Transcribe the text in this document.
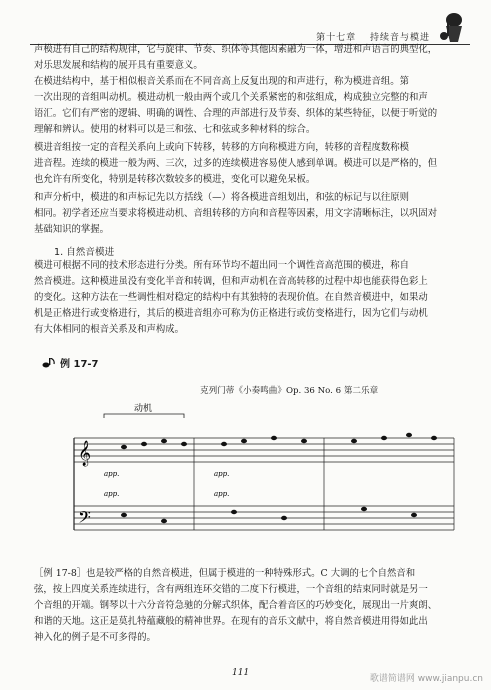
第十七章 　持续音与模进

声模进有自己的结构规律，它与旋律、节奏、织体等其他因素融为一体，增进和声语言的典型化，
对乐思发展和结构的展开具有重要意义。

在模进结构中，基于相似根音关系而在不同音高上反复出现的和声进行，称为模进音组。第
一次出现的音组叫动机。模进动机一般由两个或几个关系紧密的和弦组成，构成独立完整的和声
语汇。它们有严密的逻辑、明确的调性、合理的声部进行及节奏、织体的某些特征，以便于听觉的
理解和辨认。使用的材料可以是三和弦、七和弦或多种材料的综合。

模进音组按一定的音程关系向上或向下转移，转移的方向称模进方向，转移的音程度数称模
进音程。连续的模进一般为两、三次，过多的连续模进容易使人感到单调。模进可以是严格的，但
也允许有所变化，特别是转移次数较多的模进，变化可以避免呆板。

和声分析中，模进的和声标记先以方括线（—）将各模进音组划出，和弦的标记与以往原则
相同。初学者还应当要求将模进动机、音组转移的方向和音程等因素，用文字清晰标注，以巩固对
基础知识的掌握。

1. 自然音模进

模进可根据不同的技术形态进行分类。所有环节均不超出同一个调性音高范围的模进，称自
然音模进。这种模进虽没有变化半音和转调，但和声动机在音高转移的过程中却也能获得色彩上
的变化。这种方法在一些调性相对稳定的结构中有其独特的表现价值。在自然音模进中，如果动
机是正格进行或变格进行，其后的模进音组亦可称为仿正格进行或仿变格进行，因为它们与动机
有大体相同的根音关系及和声构成。

例 17-7
克列门蒂《小奏鸣曲》Op. 36 No. 6 第二乐章
𝄞
𝄢
动机
app.	app.
app.	app.

［例 17-8］也是较严格的自然音模进，但属于模进的一种特殊形式。C 大调的七个自然音和
弦，按上四度关系连续进行，含有两组连环交错的二度下行模进，一个音组的结束同时就是另一
个音组的开端。钢琴以十六分音符急驰的分解式织体，配合着音区的巧妙变化，展现出一片爽朗、
和谐的天地。这正是莫扎特蕴藏般的精神世界。在现有的音乐文献中，将自然音模进用得如此出
神入化的例子是不可多得的。

111
歌谱简谱网 www.jianpu.cn
